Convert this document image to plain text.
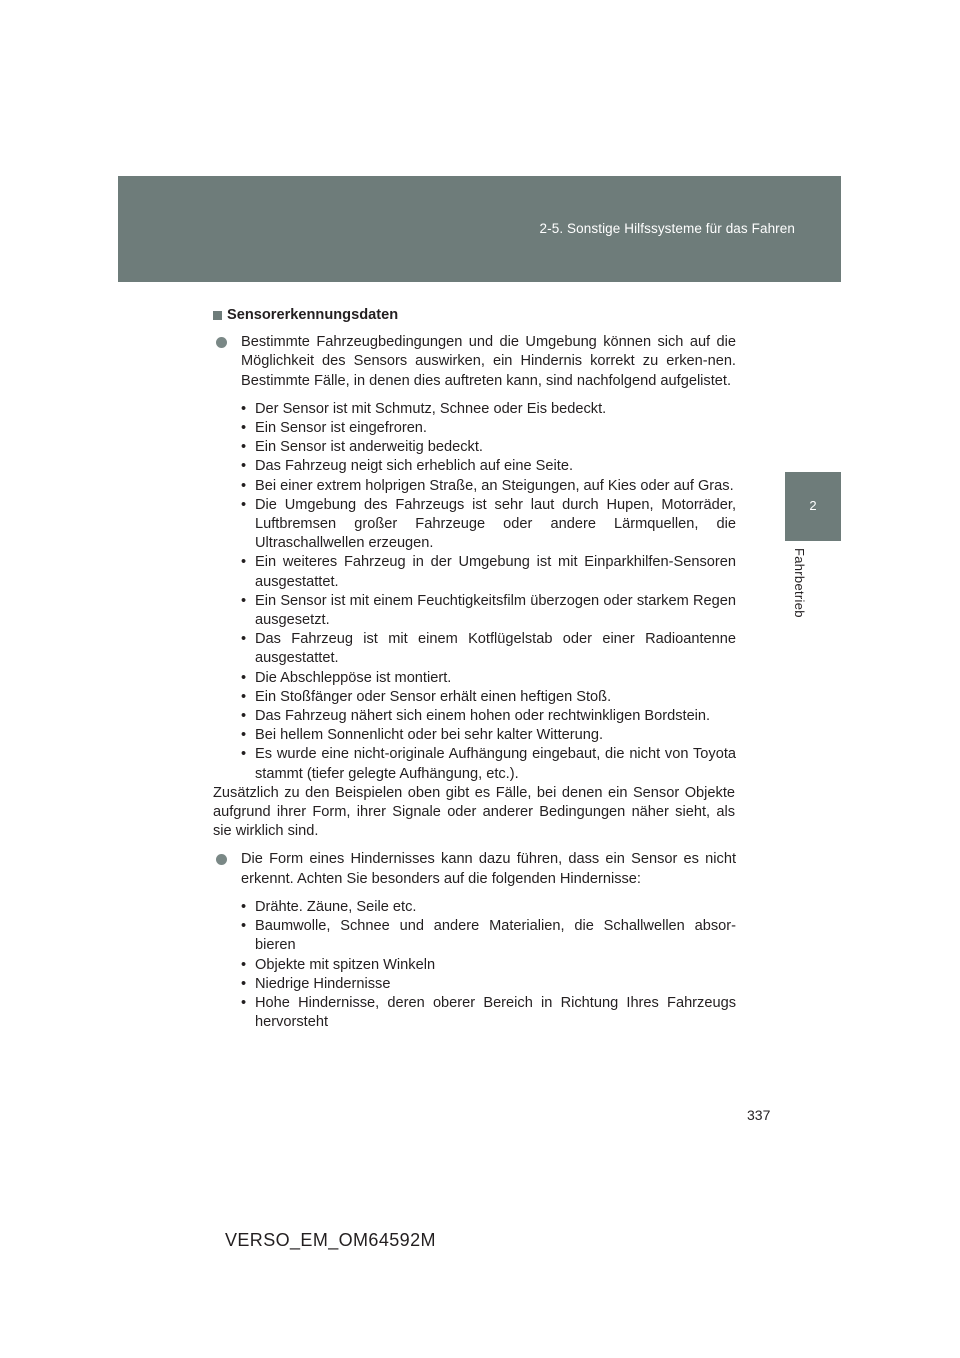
2-5. Sonstige Hilfssysteme für das Fahren
2
Fahrbetrieb
Sensorerkennungsdaten
Bestimmte Fahrzeugbedingungen und die Umgebung können sich auf die Möglichkeit des Sensors auswirken, ein Hindernis korrekt zu erken-nen. Bestimmte Fälle, in denen dies auftreten kann, sind nachfolgend aufgelistet.
• Der Sensor ist mit Schmutz, Schnee oder Eis bedeckt.
• Ein Sensor ist eingefroren.
• Ein Sensor ist anderweitig bedeckt.
• Das Fahrzeug neigt sich erheblich auf eine Seite.
• Bei einer extrem holprigen Straße, an Steigungen, auf Kies oder auf Gras.
• Die Umgebung des Fahrzeugs ist sehr laut durch Hupen, Motorräder, Luftbremsen großer Fahrzeuge oder andere Lärmquellen, die Ultraschallwellen erzeugen.
• Ein weiteres Fahrzeug in der Umgebung ist mit Einparkhilfen-Sensoren ausgestattet.
• Ein Sensor ist mit einem Feuchtigkeitsfilm überzogen oder starkem Regen ausgesetzt.
• Das Fahrzeug ist mit einem Kotflügelstab oder einer Radioantenne ausgestattet.
• Die Abschleppöse ist montiert.
• Ein Stoßfänger oder Sensor erhält einen heftigen Stoß.
• Das Fahrzeug nähert sich einem hohen oder rechtwinkligen Bordstein.
• Bei hellem Sonnenlicht oder bei sehr kalter Witterung.
• Es wurde eine nicht-originale Aufhängung eingebaut, die nicht von Toyota stammt (tiefer gelegte Aufhängung, etc.).

Zusätzlich zu den Beispielen oben gibt es Fälle, bei denen ein Sensor Objekte aufgrund ihrer Form, ihrer Signale oder anderer Bedingungen näher sieht, als sie wirklich sind.

Die Form eines Hindernisses kann dazu führen, dass ein Sensor es nicht erkennt. Achten Sie besonders auf die folgenden Hindernisse:
• Drähte. Zäune, Seile etc.
• Baumwolle, Schnee und andere Materialien, die Schallwellen absor-bieren
• Objekte mit spitzen Winkeln
• Niedrige Hindernisse
• Hohe Hindernisse, deren oberer Bereich in Richtung Ihres Fahrzeugs hervorsteht
337
VERSO_EM_OM64592M
